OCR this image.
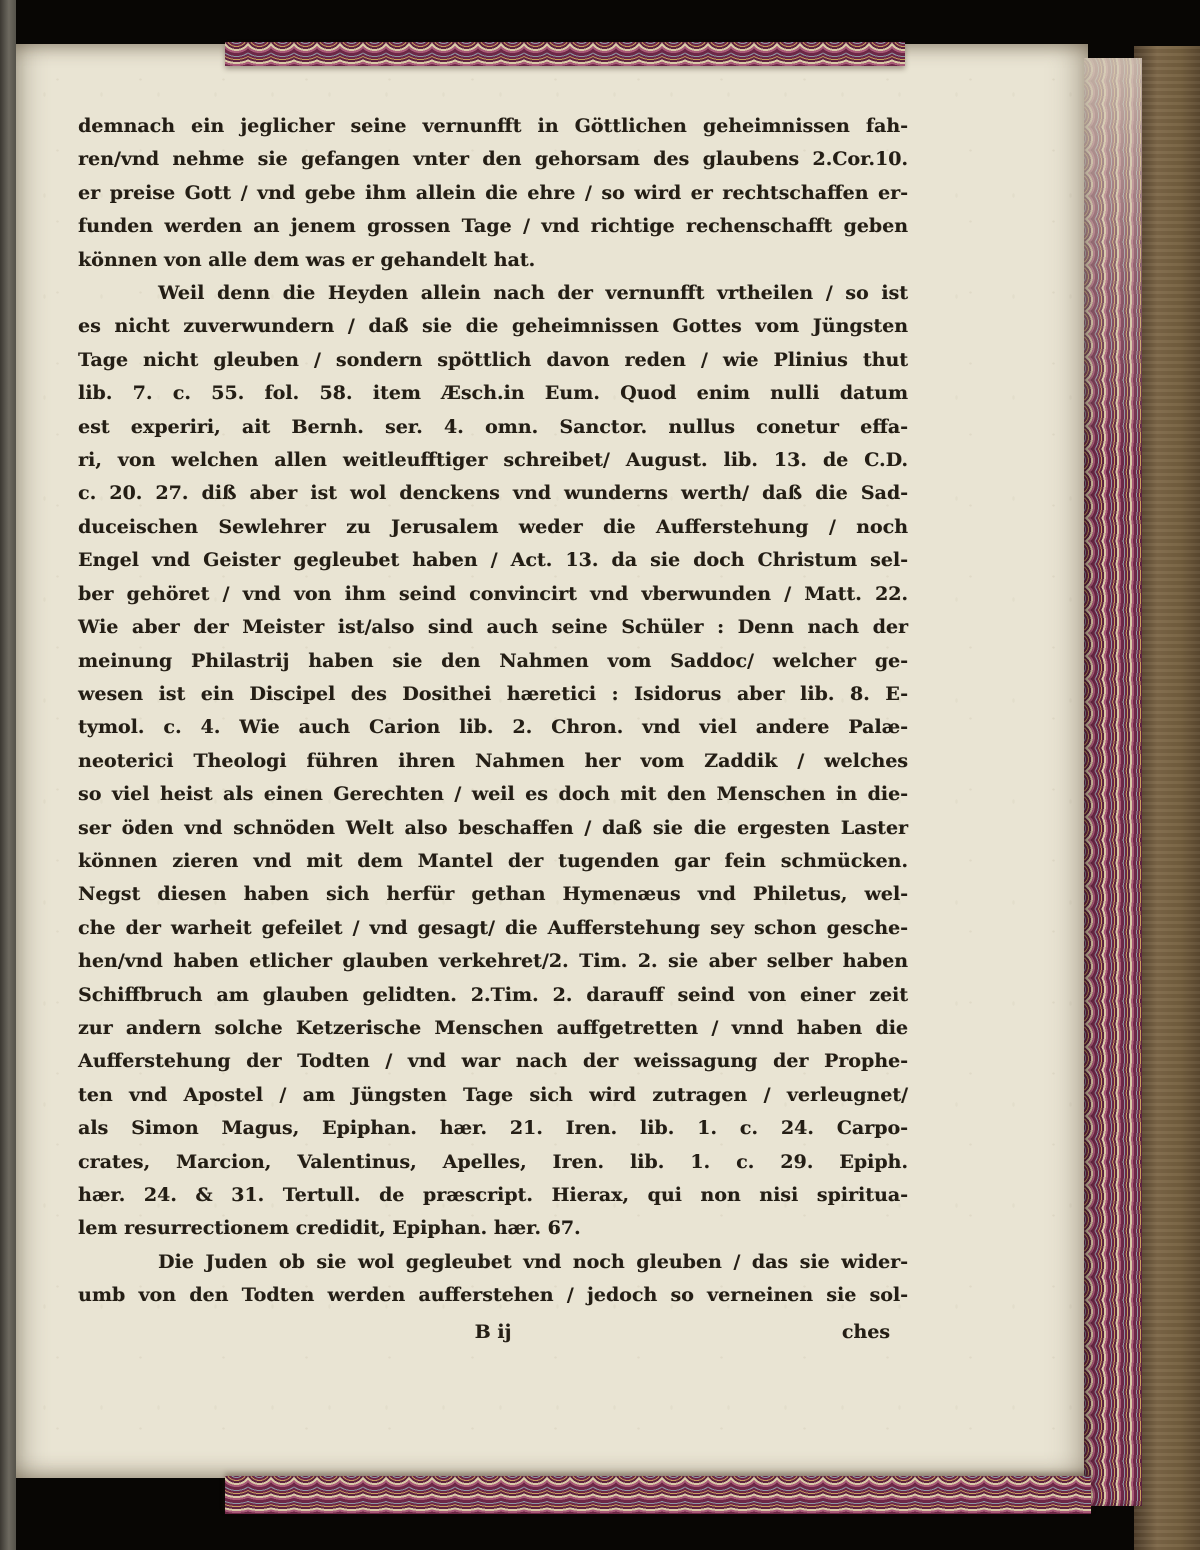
demnach ein jeglicher seine vernunfft in Göttlichen geheimnissen fah-
ren/vnd nehme sie gefangen vnter den gehorsam des glaubens 2.Cor.10.
er preise Gott / vnd gebe ihm allein die ehre / so wird er rechtschaffen er-
funden werden an jenem grossen Tage / vnd richtige rechenschafft geben
können von alle dem was er gehandelt hat.
Weil denn die Heyden allein nach der vernunfft vrtheilen / so ist
es nicht zuverwundern / daß sie die geheimnissen Gottes vom Jüngsten
Tage nicht gleuben / sondern spöttlich davon reden / wie Plinius thut
lib. 7. c. 55. fol. 58. item Æsch.in Eum. Quod enim nulli datum
est experiri, ait Bernh. ser. 4. omn. Sanctor. nullus conetur effa-
ri, von welchen allen weitleufftiger schreibet/ August. lib. 13. de C.D.
c. 20. 27. diß aber ist wol denckens vnd wunderns werth/ daß die Sad-
duceischen Sewlehrer zu Jerusalem weder die Aufferstehung / noch
Engel vnd Geister gegleubet haben / Act. 13. da sie doch Christum sel-
ber gehöret / vnd von ihm seind convincirt vnd vberwunden / Matt. 22.
Wie aber der Meister ist/also sind auch seine Schüler : Denn nach der
meinung Philastrij haben sie den Nahmen vom Saddoc/ welcher ge-
wesen ist ein Discipel des Dosithei hæretici : Isidorus aber lib. 8. E-
tymol. c. 4. Wie auch Carion lib. 2. Chron. vnd viel andere Palæ-
neoterici Theologi führen ihren Nahmen her vom Zaddik / welches
so viel heist als einen Gerechten / weil es doch mit den Menschen in die-
ser öden vnd schnöden Welt also beschaffen / daß sie die ergesten Laster
können zieren vnd mit dem Mantel der tugenden gar fein schmücken.
Negst diesen haben sich herfür gethan Hymenæus vnd Philetus, wel-
che der warheit gefeilet / vnd gesagt/ die Aufferstehung sey schon gesche-
hen/vnd haben etlicher glauben verkehret/2. Tim. 2. sie aber selber haben
Schiffbruch am glauben gelidten. 2.Tim. 2. darauff seind von einer zeit
zur andern solche Ketzerische Menschen auffgetretten / vnnd haben die
Aufferstehung der Todten / vnd war nach der weissagung der Prophe-
ten vnd Apostel / am Jüngsten Tage sich wird zutragen / verleugnet/
als Simon Magus, Epiphan. hær. 21. Iren. lib. 1. c. 24. Carpo-
crates, Marcion, Valentinus, Apelles, Iren. lib. 1. c. 29. Epiph.
hær. 24. & 31. Tertull. de præscript. Hierax, qui non nisi spiritua-
lem resurrectionem credidit, Epiphan. hær. 67.
Die Juden ob sie wol gegleubet vnd noch gleuben / das sie wider-
umb von den Todten werden aufferstehen / jedoch so verneinen sie sol-
B ij	ches
